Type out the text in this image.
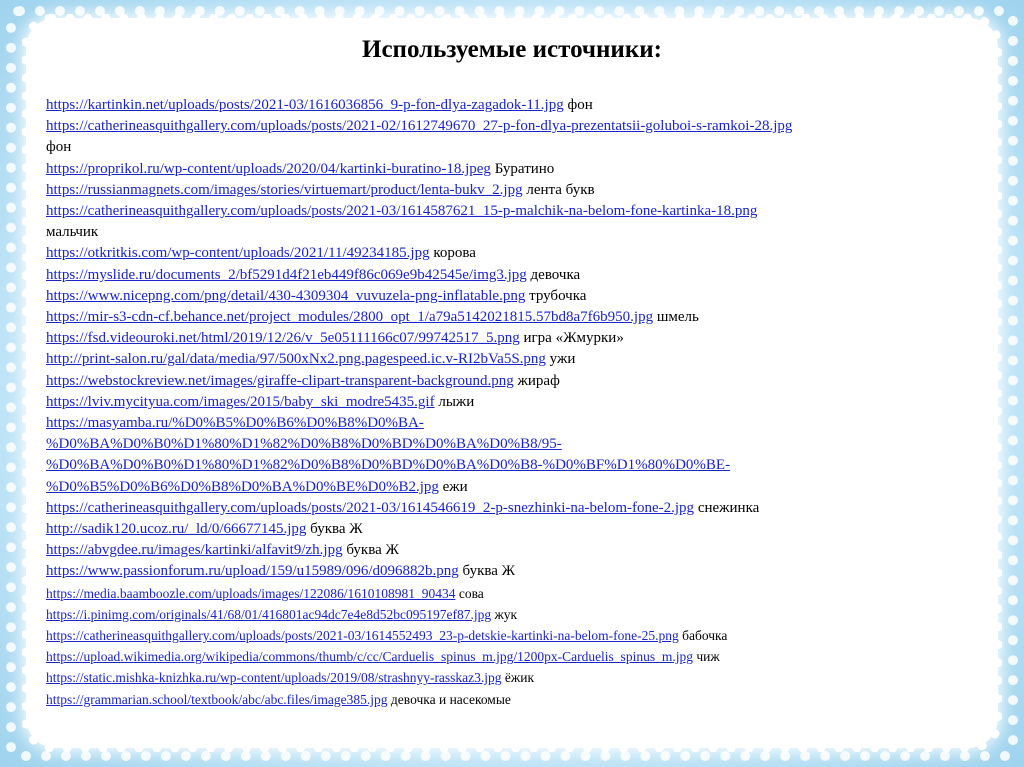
Используемые источники:
https://kartinkin.net/uploads/posts/2021-03/1616036856_9-p-fon-dlya-zagadok-11.jpg фон
https://catherineasquithgallery.com/uploads/posts/2021-02/1612749670_27-p-fon-dlya-prezentatsii-goluboi-s-ramkoi-28.jpg
фон
https://proprikol.ru/wp-content/uploads/2020/04/kartinki-buratino-18.jpeg Буратино
https://russianmagnets.com/images/stories/virtuemart/product/lenta-bukv_2.jpg лента букв
https://catherineasquithgallery.com/uploads/posts/2021-03/1614587621_15-p-malchik-na-belom-fone-kartinka-18.png
мальчик
https://otkritkis.com/wp-content/uploads/2021/11/49234185.jpg корова
https://myslide.ru/documents_2/bf5291d4f21eb449f86c069e9b42545e/img3.jpg девочка
https://www.nicepng.com/png/detail/430-4309304_vuvuzela-png-inflatable.png трубочка
https://mir-s3-cdn-cf.behance.net/project_modules/2800_opt_1/a79a5142021815.57bd8a7f6b950.jpg шмель
https://fsd.videouroki.net/html/2019/12/26/v_5e05111166c07/99742517_5.png игра «Жмурки»
http://print-salon.ru/gal/data/media/97/500xNx2.png.pagespeed.ic.v-RI2bVa5S.png ужи
https://webstockreview.net/images/giraffe-clipart-transparent-background.png жираф
https://lviv.mycityua.com/images/2015/baby_ski_modre5435.gif лыжи
https://masyamba.ru/%D0%B5%D0%B6%D0%B8%D0%BA-
%D0%BA%D0%B0%D1%80%D1%82%D0%B8%D0%BD%D0%BA%D0%B8/95-
%D0%BA%D0%B0%D1%80%D1%82%D0%B8%D0%BD%D0%BA%D0%B8-%D0%BF%D1%80%D0%BE-
%D0%B5%D0%B6%D0%B8%D0%BA%D0%BE%D0%B2.jpg ежи
https://catherineasquithgallery.com/uploads/posts/2021-03/1614546619_2-p-snezhinki-na-belom-fone-2.jpg снежинка
http://sadik120.ucoz.ru/_ld/0/66677145.jpg буква Ж
https://abvgdee.ru/images/kartinki/alfavit9/zh.jpg буква Ж
https://www.passionforum.ru/upload/159/u15989/096/d096882b.png буква Ж
https://media.baamboozle.com/uploads/images/122086/1610108981_90434 сова
https://i.pinimg.com/originals/41/68/01/416801ac94dc7e4e8d52bc095197ef87.jpg жук
https://catherineasquithgallery.com/uploads/posts/2021-03/1614552493_23-p-detskie-kartinki-na-belom-fone-25.png бабочка
https://upload.wikimedia.org/wikipedia/commons/thumb/c/cc/Carduelis_spinus_m.jpg/1200px-Carduelis_spinus_m.jpg чиж
https://static.mishka-knizhka.ru/wp-content/uploads/2019/08/strashnyy-rasskaz3.jpg ёжик
https://grammarian.school/textbook/abc/abc.files/image385.jpg девочка и насекомые
